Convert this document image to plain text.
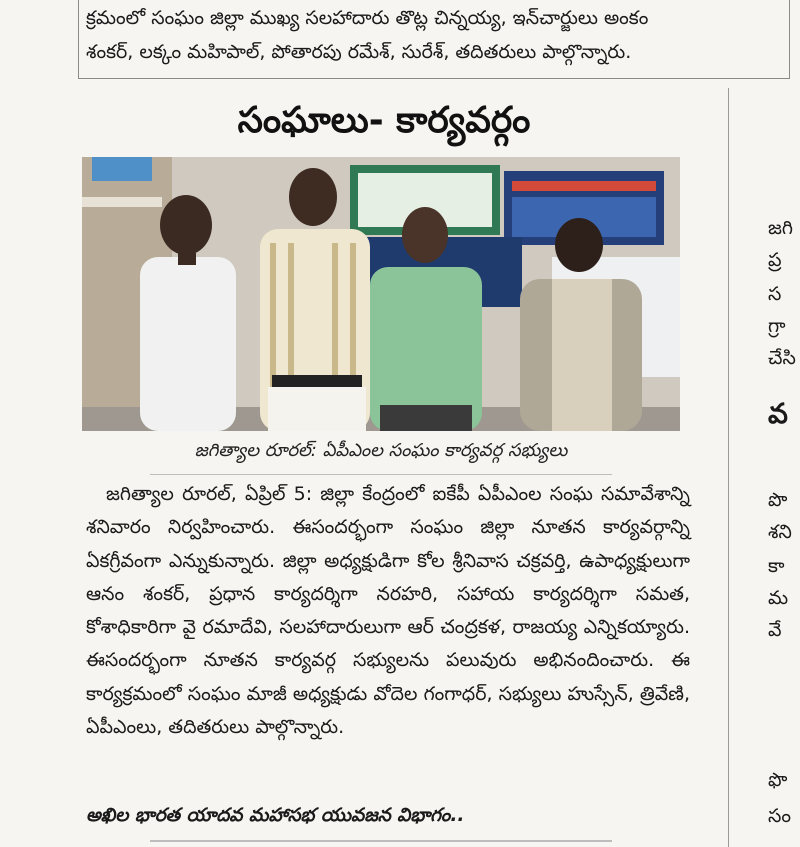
క్రమంలో సంఘం జిల్లా ముఖ్య సలహాదారు తొట్ల చిన్నయ్య, ఇన్‌చార్జులు అంకం

శంకర్, లక్కం మహిపాల్, పోతారపు రమేశ్, సురేశ్, తదితరులు పాల్గొన్నారు.

సంఘాలు- కార్యవర్గం

జగిత్యాల రూరల్: ఏపీఎంల సంఘం కార్యవర్గ సభ్యులు

జగిత్యాల రూరల్, ఏప్రిల్ 5: జిల్లా కేంద్రంలో ఐకేపీ ఏపీఎంల సంఘ సమావేశాన్ని శనివారం నిర్వహించారు. ఈసందర్భంగా సంఘం జిల్లా నూతన కార్యవర్గాన్ని ఏకగ్రీవంగా ఎన్నుకున్నారు. జిల్లా అధ్యక్షుడిగా కోల శ్రీనివాస చక్రవర్తి, ఉపాధ్యక్షులుగా ఆనం శంకర్, ప్రధాన కార్యదర్శిగా నరహరి, సహాయ కార్యదర్శిగా సమత, కోశాధికారిగా వై రమాదేవి, సలహాదారులుగా ఆర్ చంద్రకళ, రాజయ్య ఎన్నికయ్యారు. ఈసందర్భంగా నూతన కార్యవర్గ సభ్యులను పలువురు అభినందించారు. ఈ కార్యక్రమంలో సంఘం మాజీ అధ్యక్షుడు వోదెల గంగాధర్, సభ్యులు హుస్సేన్, త్రివేణి, ఏపీఎంలు, తదితరులు పాల్గొన్నారు.

అఖిల భారత యాదవ మహాసభ యువజన విభాగం..

జగి

ప్ర

స

గ్రా

చేసి

వ

పొ

శని

కా

మ

వే

ఫొ

సం
